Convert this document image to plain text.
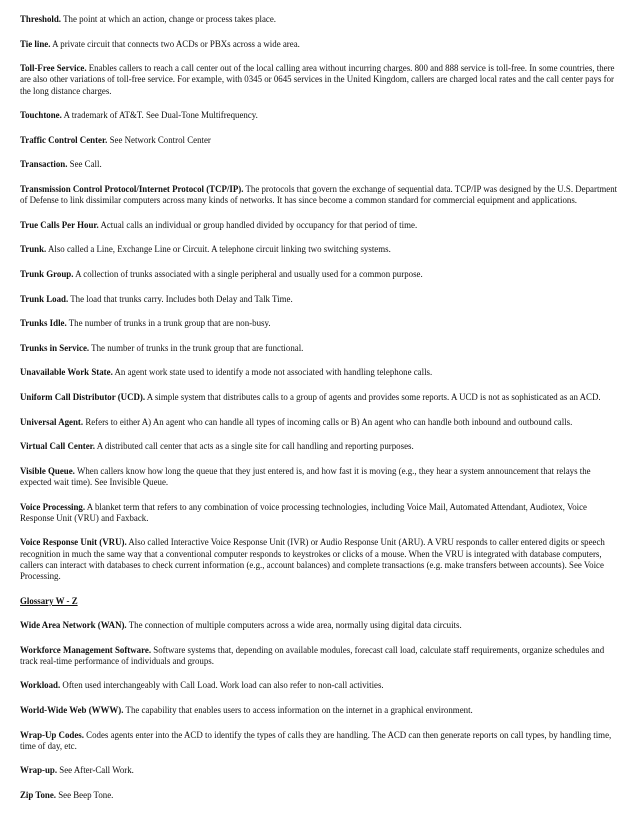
Threshold. The point at which an action, change or process takes place.
Tie line. A private circuit that connects two ACDs or PBXs across a wide area.
Toll-Free Service. Enables callers to reach a call center out of the local calling area without incurring charges. 800 and 888 service is toll-free. In some countries, there are also other variations of toll-free service. For example, with 0345 or 0645 services in the United Kingdom, callers are charged local rates and the call center pays for the long distance charges.
Touchtone. A trademark of AT&T. See Dual-Tone Multifrequency.
Traffic Control Center. See Network Control Center
Transaction. See Call.
Transmission Control Protocol/Internet Protocol (TCP/IP). The protocols that govern the exchange of sequential data. TCP/IP was designed by the U.S. Department of Defense to link dissimilar computers across many kinds of networks. It has since become a common standard for commercial equipment and applications.
True Calls Per Hour. Actual calls an individual or group handled divided by occupancy for that period of time.
Trunk. Also called a Line, Exchange Line or Circuit. A telephone circuit linking two switching systems.
Trunk Group. A collection of trunks associated with a single peripheral and usually used for a common purpose.
Trunk Load. The load that trunks carry. Includes both Delay and Talk Time.
Trunks Idle. The number of trunks in a trunk group that are non-busy.
Trunks in Service. The number of trunks in the trunk group that are functional.
Unavailable Work State. An agent work state used to identify a mode not associated with handling telephone calls.
Uniform Call Distributor (UCD). A simple system that distributes calls to a group of agents and provides some reports. A UCD is not as sophisticated as an ACD.
Universal Agent. Refers to either A) An agent who can handle all types of incoming calls or B) An agent who can handle both inbound and outbound calls.
Virtual Call Center. A distributed call center that acts as a single site for call handling and reporting purposes.
Visible Queue. When callers know how long the queue that they just entered is, and how fast it is moving (e.g., they hear a system announcement that relays the expected wait time). See Invisible Queue.
Voice Processing. A blanket term that refers to any combination of voice processing technologies, including Voice Mail, Automated Attendant, Audiotex, Voice Response Unit (VRU) and Faxback.
Voice Response Unit (VRU). Also called Interactive Voice Response Unit (IVR) or Audio Response Unit (ARU). A VRU responds to caller entered digits or speech recognition in much the same way that a conventional computer responds to keystrokes or clicks of a mouse. When the VRU is integrated with database computers, callers can interact with databases to check current information (e.g., account balances) and complete transactions (e.g. make transfers between accounts). See Voice Processing.
Glossary W - Z
Wide Area Network (WAN). The connection of multiple computers across a wide area, normally using digital data circuits.
Workforce Management Software. Software systems that, depending on available modules, forecast call load, calculate staff requirements, organize schedules and track real-time performance of individuals and groups.
Workload. Often used interchangeably with Call Load. Work load can also refer to non-call activities.
World-Wide Web (WWW). The capability that enables users to access information on the internet in a graphical environment.
Wrap-Up Codes. Codes agents enter into the ACD to identify the types of calls they are handling. The ACD can then generate reports on call types, by handling time, time of day, etc.
Wrap-up. See After-Call Work.
Zip Tone. See Beep Tone.
